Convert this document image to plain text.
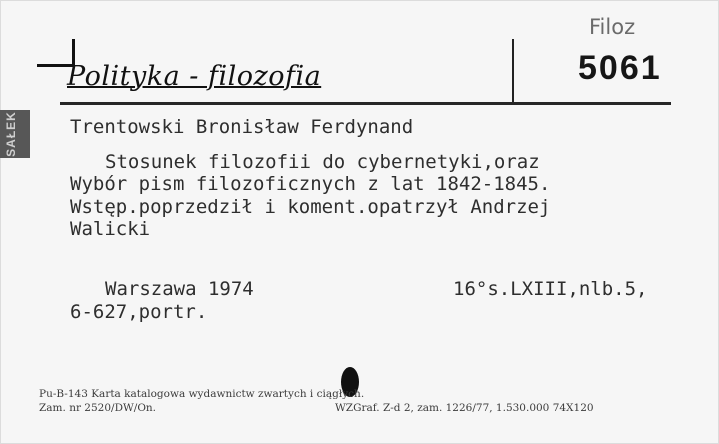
SAŁEK
Polityka - filozofia
Filoz
5061
Trentowski Bronisław Ferdynand
Stosunek filozofii do cybernetyki,oraz
Wybór pism filozoficznych z lat 1842-1845.
Wstęp.poprzedził i koment.opatrzył Andrzej
Walicki
Warszawa 1974	16°s.LXIII,nlb.5,
6-627,portr.
Pu-B-143 Karta katalogowa wydawnictw zwartych i ciągłych.
Zam. nr 2520/DW/On.	WZGraf. Z-d 2, zam. 1226/77, 1.530.000 74X120
